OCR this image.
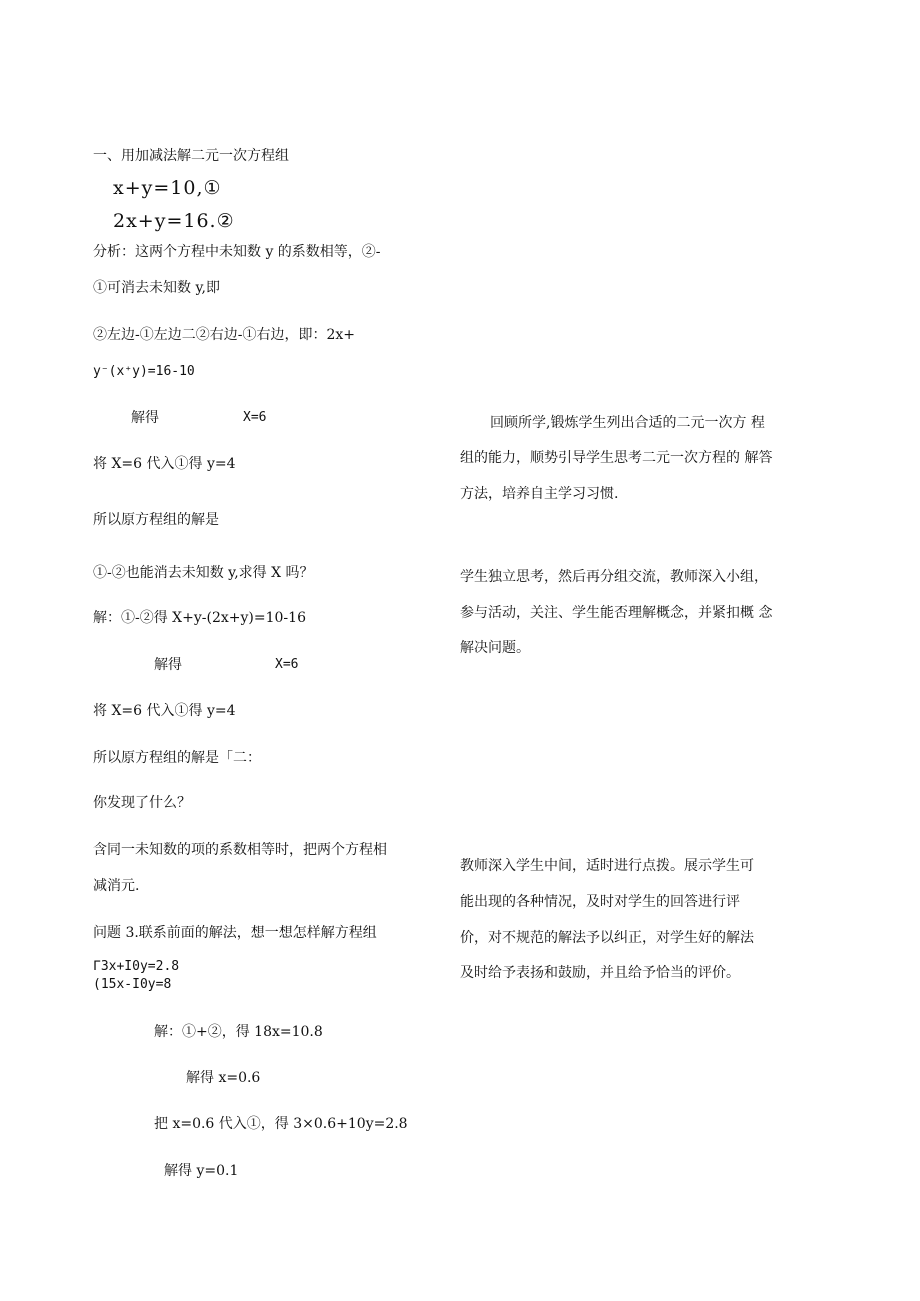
一、用加减法解二元一次方程组
x+y=10,①
2x+y=16.②
分析：这两个方程中未知数 y 的系数相等，②-
①可消去未知数 y,即
②左边-①左边二②右边-①右边，即：2x+
y⁻(x⁺y)=16-10
解得	X=6
将 X=6 代入①得 y=4
所以原方程组的解是
①-②也能消去未知数 y,求得 X 吗？
解：①-②得 X+y-(2x+y)=10-16
解得	X=6
将 X=6 代入①得 y=4
所以原方程组的解是「二：
你发现了什么？
含同一未知数的项的系数相等时，把两个方程相
减消元.
问题 3.联系前面的解法，想一想怎样解方程组
Γ3x+I0y=2.8
(15x-I0y=8
解：①+②，得 18x=10.8
解得 x=0.6
把 x=0.6 代入①，得 3×0.6+10y=2.8
解得 y=0.1
回顾所学,锻炼学生列出合适的二元一次方 程
组的能力，顺势引导学生思考二元一次方程的 解答
方法，培养自主学习习惯.
学生独立思考，然后再分组交流，教师深入小组，
参与活动，关注、学生能否理解概念，并紧扣概 念
解决问题。
教师深入学生中间，适时进行点拨。展示学生可
能出现的各种情况，及时对学生的回答进行评
价，对不规范的解法予以纠正，对学生好的解法
及时给予表扬和鼓励，并且给予恰当的评价。
